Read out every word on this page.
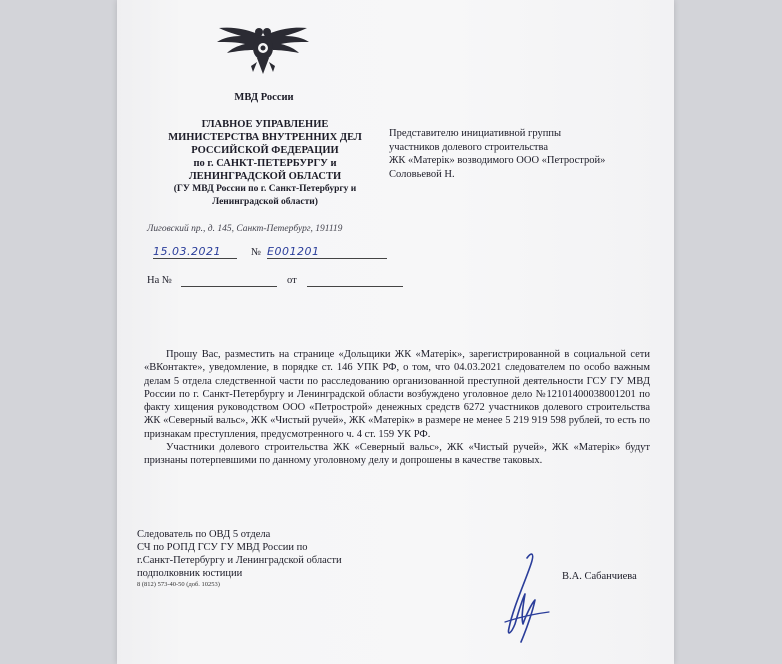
МВД России
ГЛАВНОЕ УПРАВЛЕНИЕ
МИНИСТЕРСТВА ВНУТРЕННИХ ДЕЛ
РОССИЙСКОЙ ФЕДЕРАЦИИ
по г. САНКТ-ПЕТЕРБУРГУ и
ЛЕНИНГРАДСКОЙ ОБЛАСТИ
(ГУ МВД России по г. Санкт-Петербургу и
Ленинградской области)
Лиговский пр., д. 145, Санкт-Петербург, 191119
15.03.2021	№ Е001201
На №	от
Представителю инициативной группы
участников долевого строительства
ЖК «Матерік» возводимого ООО «Петрострой»
Соловьевой Н.

Прошу Вас, разместить на странице «Дольщики ЖК «Матерік», зарегистрированной в социальной сети «ВКонтакте», уведомление, в порядке ст. 146 УПК РФ, о том, что 04.03.2021 следователем по особо важным делам 5 отдела следственной части по расследованию организованной преступной деятельности ГСУ ГУ МВД России по г. Санкт-Петербургу и Ленинградской области возбуждено уголовное дело №12101400038001201 по факту хищения руководством ООО «Петрострой» денежных средств 6272 участников долевого строительства ЖК «Северный вальс», ЖК «Чистый ручей», ЖК «Матерік» в размере не менее 5 219 919 598 рублей, то есть по признакам преступления, предусмотренного ч. 4 ст. 159 УК РФ.

Участники долевого строительства ЖК «Северный вальс», ЖК «Чистый ручей», ЖК «Матерік» будут признаны потерпевшими по данному уголовному делу и допрошены в качестве таковых.

Следователь по ОВД 5 отдела
СЧ по РОПД ГСУ ГУ МВД России по
г.Санкт-Петербургу и Ленинградской области
подполковник юстиции
8 (812) 573-40-50 (доб. 10253)
В.А. Сабанчиева
